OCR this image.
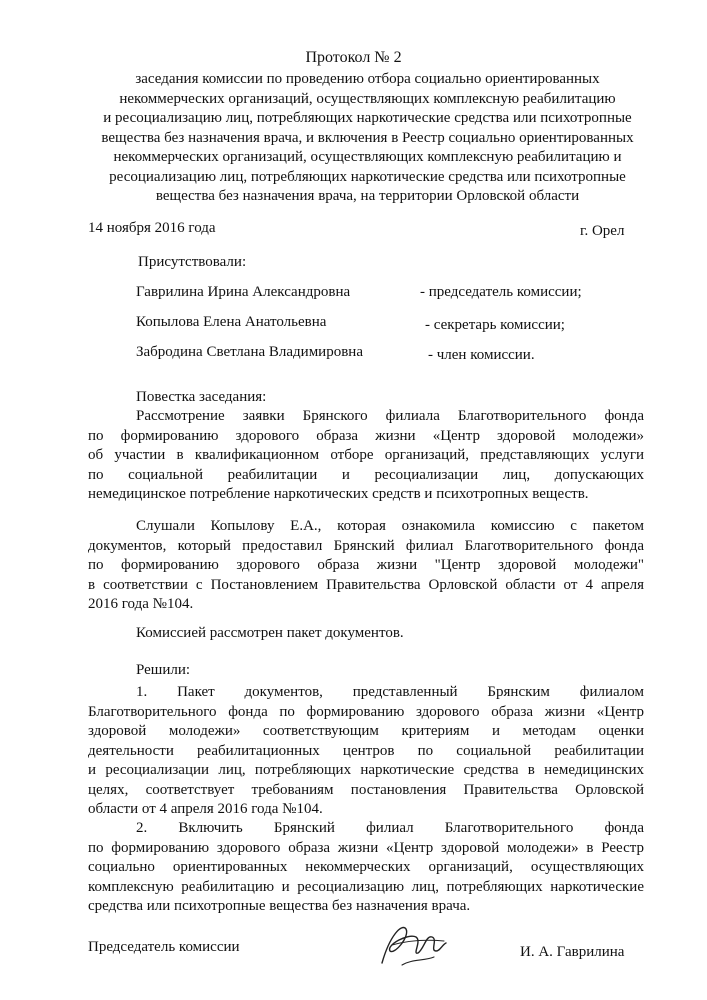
Протокол № 2
заседания комиссии по проведению отбора социально ориентированных
некоммерческих организаций, осуществляющих комплексную реабилитацию
и ресоциализацию лиц, потребляющих наркотические средства или психотропные
вещества без назначения врача, и включения в Реестр социально ориентированных
некоммерческих организаций, осуществляющих комплексную реабилитацию и
ресоциализацию лиц, потребляющих наркотические средства или психотропные
вещества без назначения врача, на территории Орловской области
14 ноября 2016 года	г. Орел
Присутствовали:
Гаврилина Ирина Александровна	- председатель комиссии;
Копылова Елена Анатольевна	- секретарь комиссии;
Забродина Светлана Владимировна	- член комиссии.
Повестка заседания:
Рассмотрение заявки Брянского филиала Благотворительного фонда
по формированию здорового образа жизни «Центр здоровой молодежи»
об участии в квалификационном отборе организаций, представляющих услуги
по социальной реабилитации и ресоциализации лиц, допускающих
немедицинское потребление наркотических средств и психотропных веществ.
Слушали Копылову Е.А., которая ознакомила комиссию с пакетом
документов, который предоставил Брянский филиал Благотворительного фонда
по формированию здорового образа жизни "Центр здоровой молодежи"
в соответствии с Постановлением Правительства Орловской области от 4 апреля
2016 года №104.
Комиссией рассмотрен пакет документов.
Решили:
1. Пакет документов, представленный Брянским филиалом
Благотворительного фонда по формированию здорового образа жизни «Центр
здоровой молодежи» соответствующим критериям и методам оценки
деятельности реабилитационных центров по социальной реабилитации
и ресоциализации лиц, потребляющих наркотические средства в немедицинских
целях, соответствует требованиям постановления Правительства Орловской
области от 4 апреля 2016 года №104.
2. Включить Брянский филиал Благотворительного фонда
по формированию здорового образа жизни «Центр здоровой молодежи» в Реестр
социально ориентированных некоммерческих организаций, осуществляющих
комплексную реабилитацию и ресоциализацию лиц, потребляющих наркотические
средства или психотропные вещества без назначения врача.
Председатель комиссии	И. А. Гаврилина
